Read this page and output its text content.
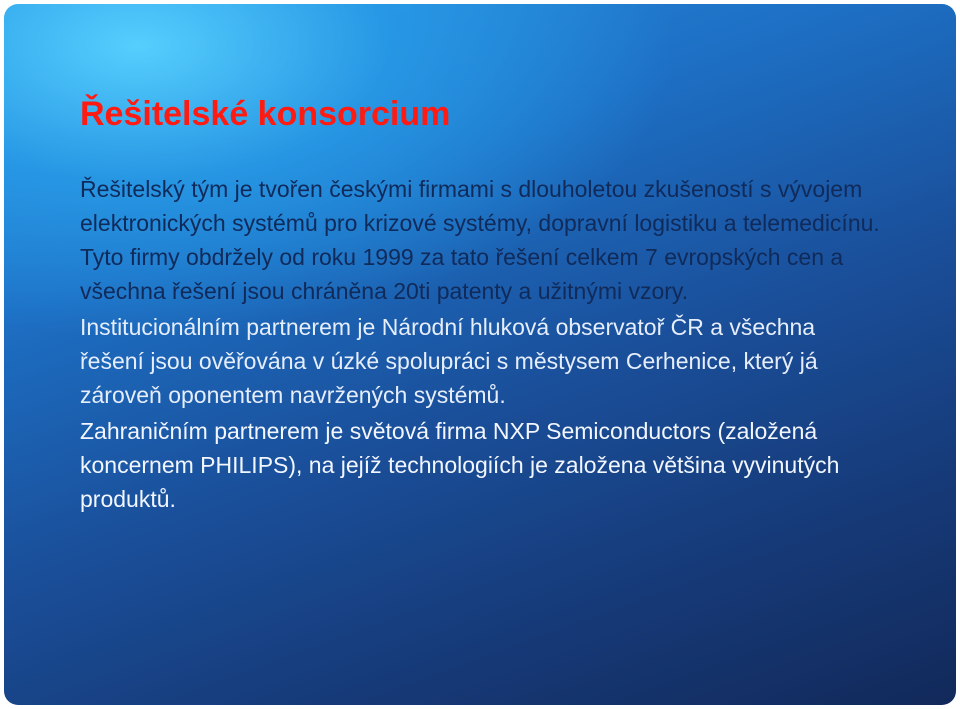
Řešitelské konsorcium

Řešitelský tým je tvořen českými firmami s dlouholetou zkušeností s vývojem elektronických systémů pro krizové systémy, dopravní logistiku a telemedicínu. Tyto firmy obdržely od roku 1999 za tato řešení celkem 7 evropských cen a všechna řešení jsou chráněna 20ti patenty a užitnými vzory.

Institucionálním partnerem je Národní hluková observatoř ČR a všechna řešení jsou ověřována v úzké spolupráci s městysem Cerhenice, který já zároveň oponentem navržených systémů.

Zahraničním partnerem je světová firma NXP Semiconductors (založená koncernem PHILIPS), na jejíž technologiích je založena většina vyvinutých produktů.
